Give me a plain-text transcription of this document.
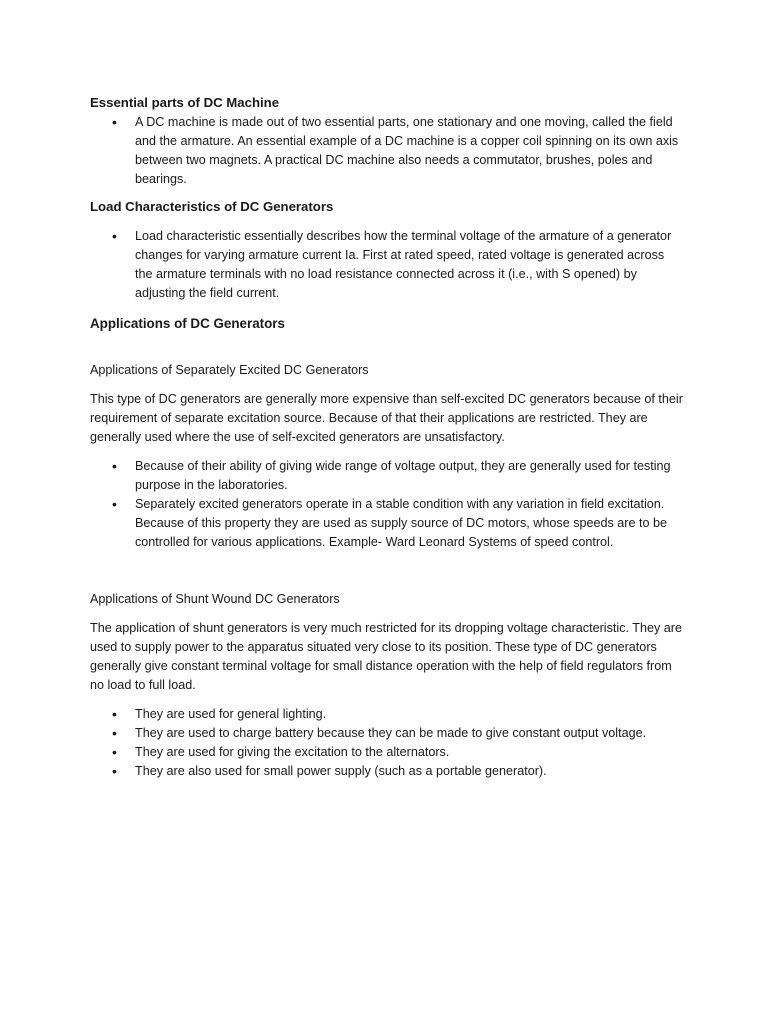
Essential parts of DC Machine
• A DC machine is made out of two essential parts, one stationary and one moving, called the field and the armature. An essential example of a DC machine is a copper coil spinning on its own axis between two magnets. A practical DC machine also needs a commutator, brushes, poles and bearings.
Load Characteristics of DC Generators
• Load characteristic essentially describes how the terminal voltage of the armature of a generator changes for varying armature current Ia. First at rated speed, rated voltage is generated across the armature terminals with no load resistance connected across it (i.e., with S opened) by adjusting the field current.
Applications of DC Generators
Applications of Separately Excited DC Generators

This type of DC generators are generally more expensive than self-excited DC generators because of their requirement of separate excitation source. Because of that their applications are restricted. They are generally used where the use of self-excited generators are unsatisfactory.

• Because of their ability of giving wide range of voltage output, they are generally used for testing purpose in the laboratories.
• Separately excited generators operate in a stable condition with any variation in field excitation. Because of this property they are used as supply source of DC motors, whose speeds are to be controlled for various applications. Example- Ward Leonard Systems of speed control.
Applications of Shunt Wound DC Generators

The application of shunt generators is very much restricted for its dropping voltage characteristic. They are used to supply power to the apparatus situated very close to its position. These type of DC generators generally give constant terminal voltage for small distance operation with the help of field regulators from no load to full load.

• They are used for general lighting.
• They are used to charge battery because they can be made to give constant output voltage.
• They are used for giving the excitation to the alternators.
• They are also used for small power supply (such as a portable generator).
